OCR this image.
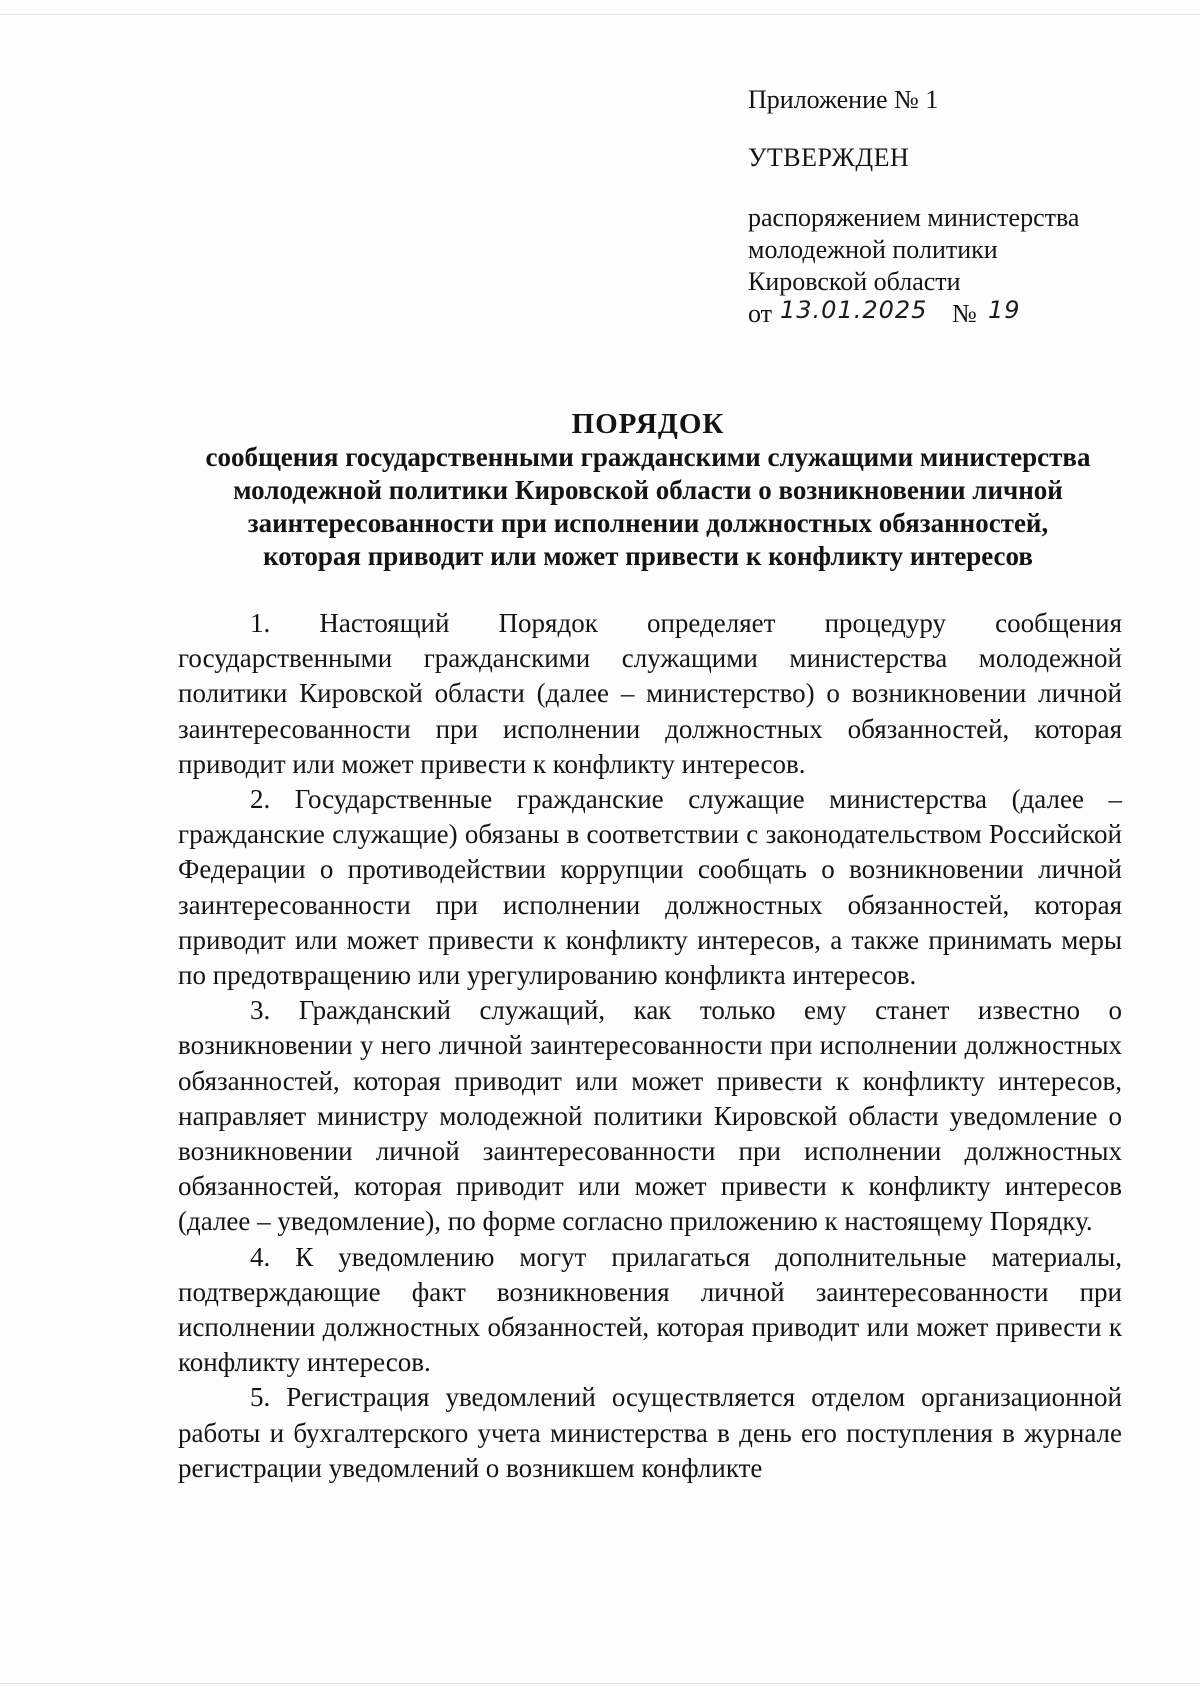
Приложение № 1

УТВЕРЖДЕН

распоряжением министерства
молодежной политики
Кировской области
от 13.01.2025 № 19
ПОРЯДОК
сообщения государственными гражданскими служащими министерства
молодежной политики Кировской области о возникновении личной
заинтересованности при исполнении должностных обязанностей,
которая приводит или может привести к конфликту интересов

1. Настоящий Порядок определяет процедуру сообщения государственными гражданскими служащими министерства молодежной политики Кировской области (далее – министерство) о возникновении личной заинтересованности при исполнении должностных обязанностей, которая приводит или может привести к конфликту интересов.

2. Государственные гражданские служащие министерства (далее – гражданские служащие) обязаны в соответствии с законодательством Российской Федерации о противодействии коррупции сообщать о возникновении личной заинтересованности при исполнении должностных обязанностей, которая приводит или может привести к конфликту интересов, а также принимать меры по предотвращению или урегулированию конфликта интересов.

3. Гражданский служащий, как только ему станет известно о возникновении у него личной заинтересованности при исполнении должностных обязанностей, которая приводит или может привести к конфликту интересов, направляет министру молодежной политики Кировской области уведомление о возникновении личной заинтересованности при исполнении должностных обязанностей, которая приводит или может привести к конфликту интересов (далее – уведомление), по форме согласно приложению к настоящему Порядку.

4. К уведомлению могут прилагаться дополнительные материалы, подтверждающие факт возникновения личной заинтересованности при исполнении должностных обязанностей, которая приводит или может привести к конфликту интересов.

5. Регистрация уведомлений осуществляется отделом организационной работы и бухгалтерского учета министерства в день его поступления в журнале регистрации уведомлений о возникшем конфликте
